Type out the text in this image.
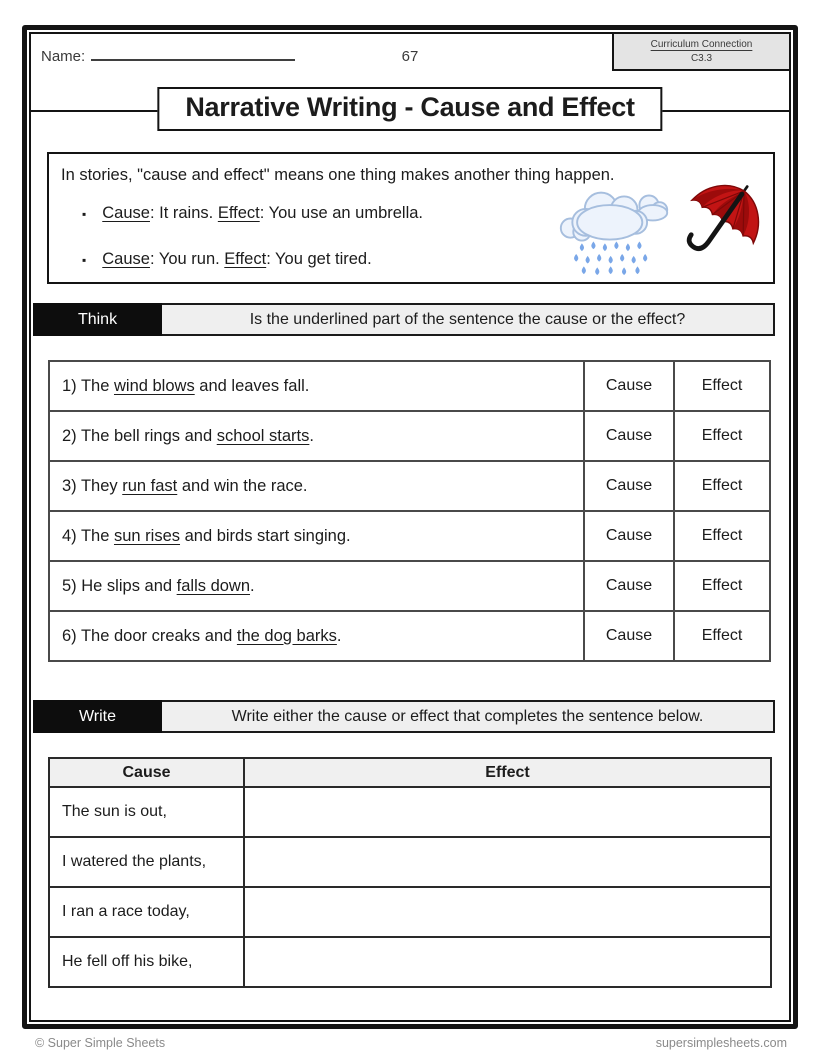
Name:	67
Curriculum Connection
C3.3
Narrative Writing - Cause and Effect

In stories, "cause and effect" means one thing makes another thing happen.

▪Cause: It rains. Effect: You use an umbrella.
▪Cause: You run. Effect: You get tired.
Think	Is the underlined part of the sentence the cause or the effect?
1) The wind blows and leaves fall.	Cause	Effect
2) The bell rings and school starts.	Cause	Effect
3) They run fast and win the race.	Cause	Effect
4) The sun rises and birds start singing.	Cause	Effect
5) He slips and falls down.	Cause	Effect
6) The door creaks and the dog barks.	Cause	Effect
Write	Write either the cause or effect that completes the sentence below.
Cause	Effect
The sun is out,	
I watered the plants,	
I ran a race today,	
He fell off his bike,	
© Super Simple Sheets	supersimplesheets.com
